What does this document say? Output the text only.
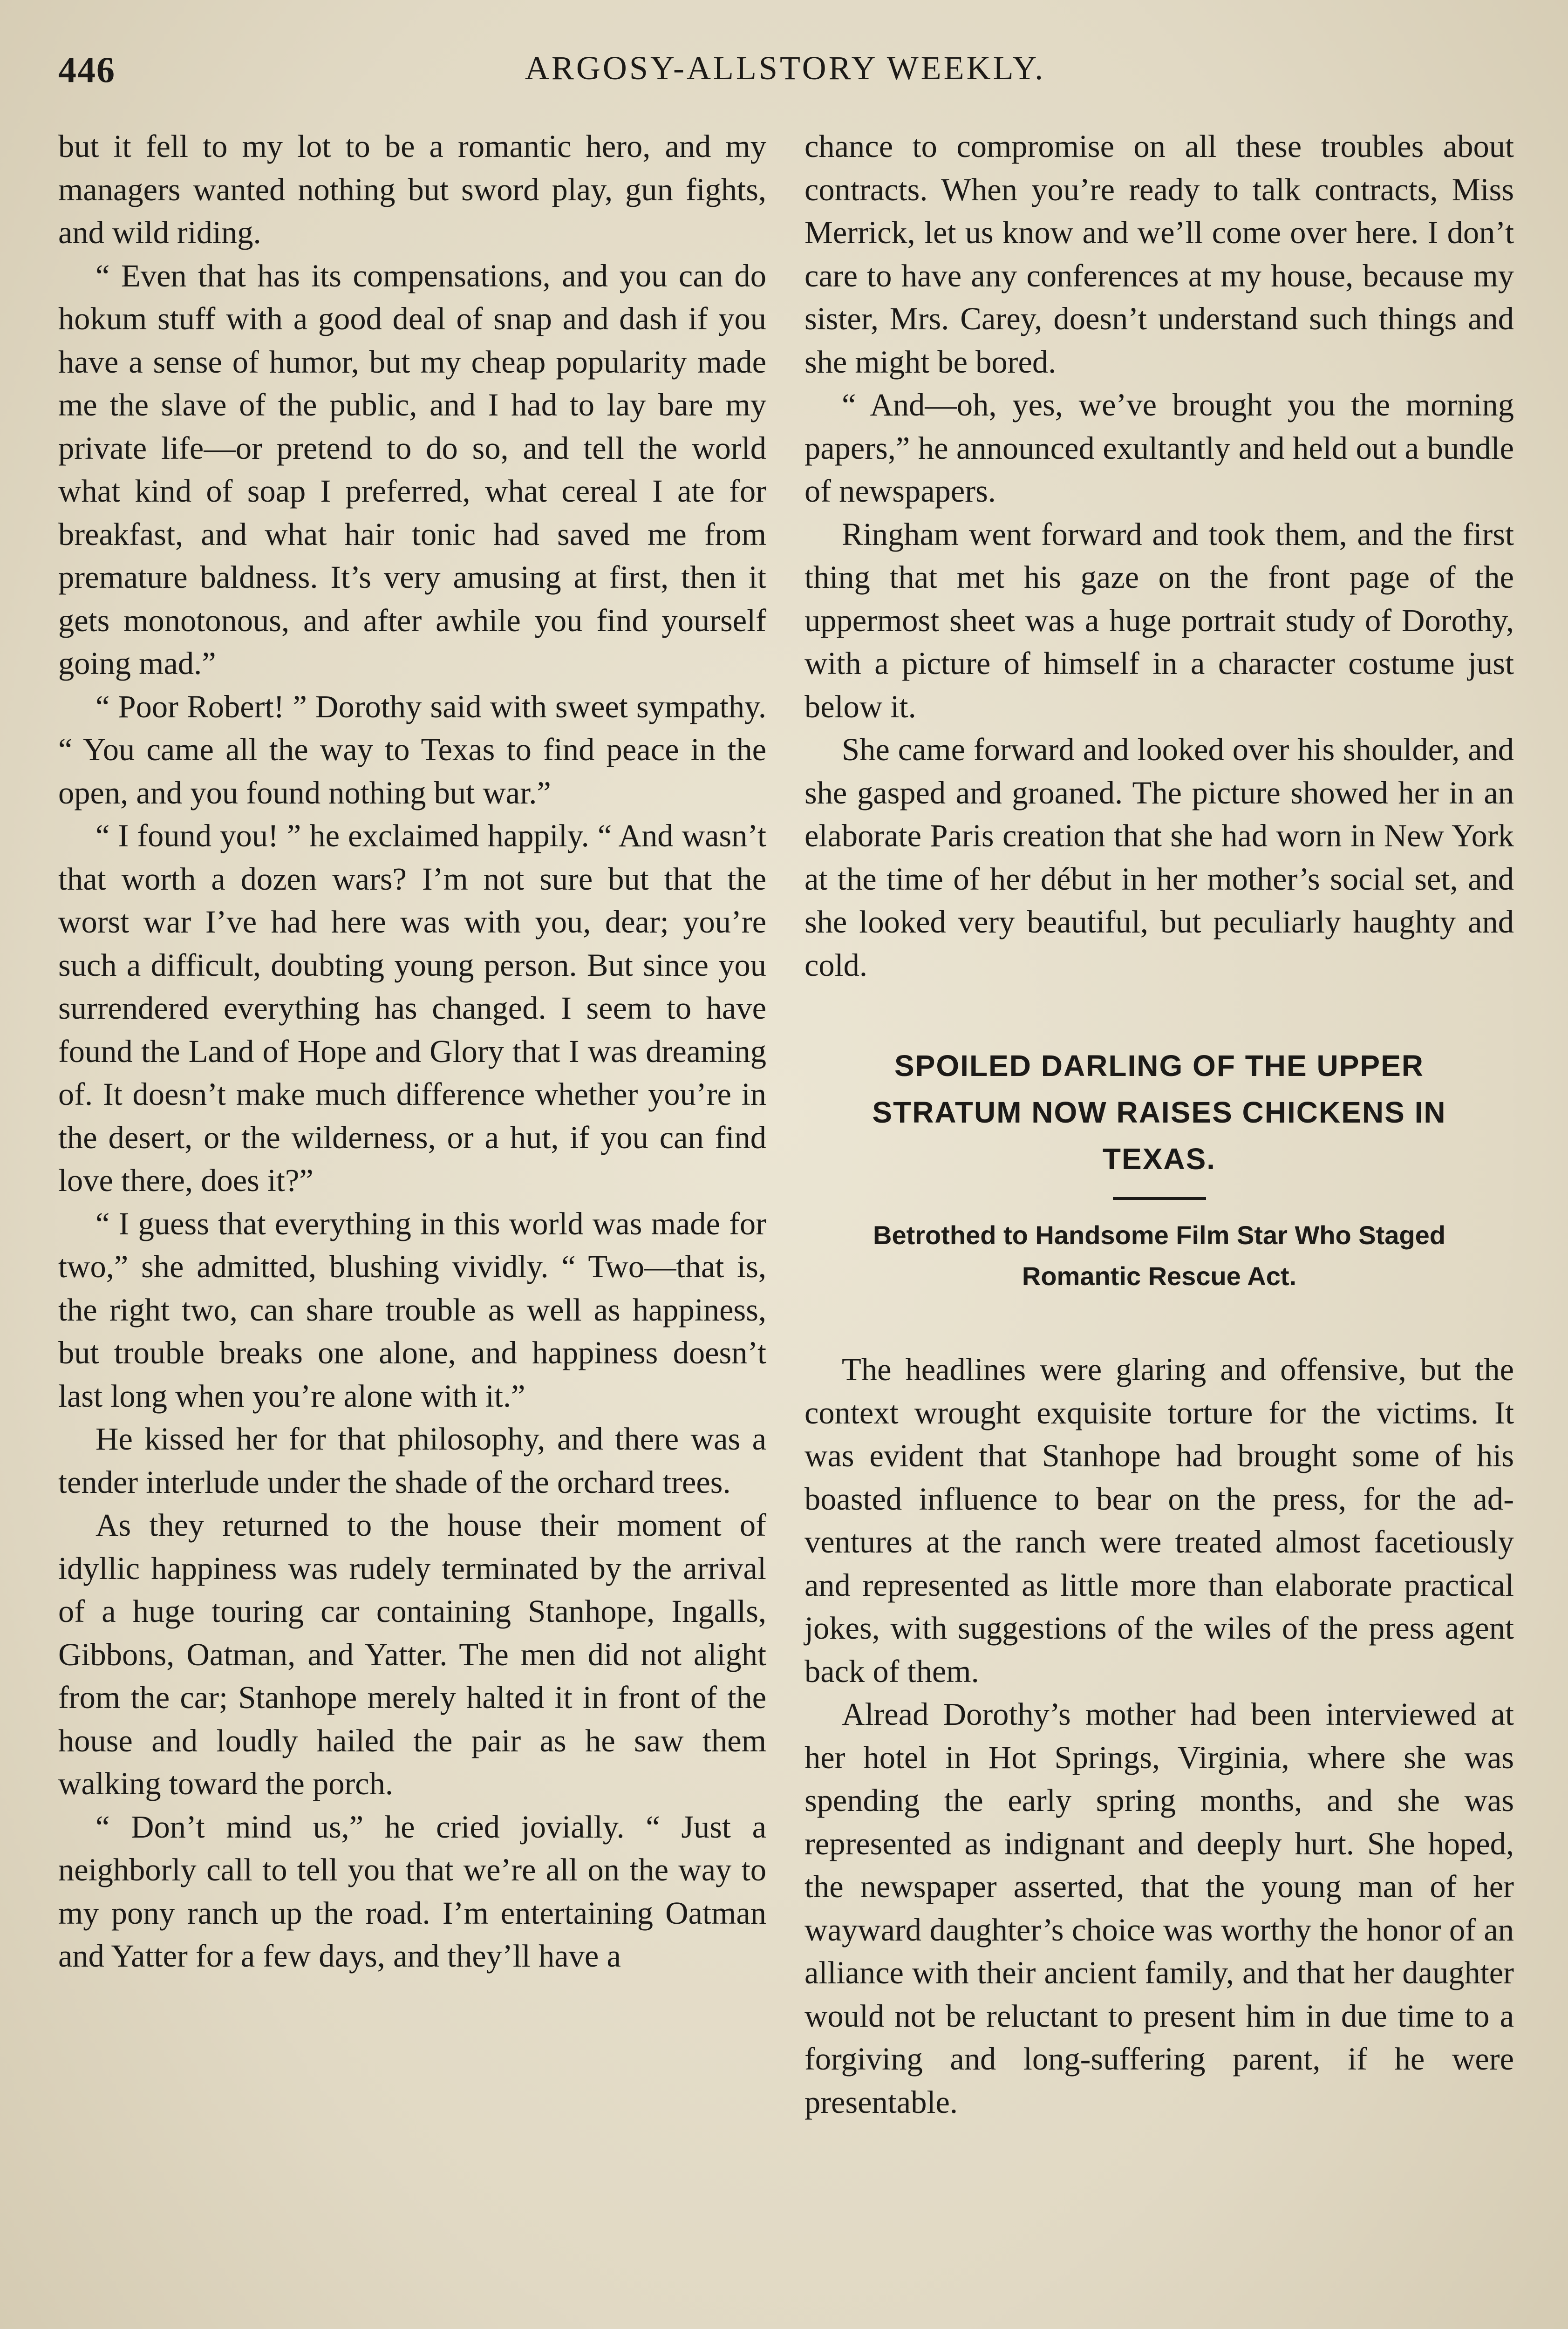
446	ARGOSY-ALLSTORY WEEKLY.

but it fell to my lot to be a romantic hero, and my managers wanted nothing but sword play, gun fights, and wild riding.

“ Even that has its compensations, and you can do hokum stuff with a good deal of snap and dash if you have a sense of humor, but my cheap popularity made me the slave of the public, and I had to lay bare my private life—or pretend to do so, and tell the world what kind of soap I preferred, what cereal I ate for breakfast, and what hair tonic had saved me from premature baldness. It’s very amusing at first, then it gets monotonous, and after awhile you find yourself going mad.”

“ Poor Robert! ” Dorothy said with sweet sympathy. “ You came all the way to Texas to find peace in the open, and you found nothing but war.”

“ I found you! ” he exclaimed happily. “ And wasn’t that worth a dozen wars? I’m not sure but that the worst war I’ve had here was with you, dear; you’re such a difficult, doubting young person. But since you surrendered everything has changed. I seem to have found the Land of Hope and Glory that I was dreaming of. It doesn’t make much difference whether you’re in the desert, or the wilderness, or a hut, if you can find love there, does it?”

“ I guess that everything in this world was made for two,” she admitted, blushing vividly. “ Two—that is, the right two, can share trouble as well as happiness, but trouble breaks one alone, and happiness doesn’t last long when you’re alone with it.”

He kissed her for that philosophy, and there was a tender interlude under the shade of the orchard trees.

As they returned to the house their moment of idyllic happiness was rudely terminated by the arrival of a huge touring car containing Stanhope, Ingalls, Gibbons, Oatman, and Yatter. The men did not alight from the car; Stanhope merely halted it in front of the house and loudly hailed the pair as he saw them walking toward the porch.

“ Don’t mind us,” he cried jovially. “ Just a neighborly call to tell you that we’re all on the way to my pony ranch up the road. I’m entertaining Oatman and Yatter for a few days, and they’ll have a

chance to compromise on all these troubles about contracts. When you’re ready to talk contracts, Miss Merrick, let us know and we’ll come over here. I don’t care to have any conferences at my house, because my sister, Mrs. Carey, doesn’t understand such things and she might be bored.

“ And—oh, yes, we’ve brought you the morning papers,” he announced exultantly and held out a bundle of newspapers.

Ringham went forward and took them, and the first thing that met his gaze on the front page of the uppermost sheet was a huge portrait study of Dorothy, with a picture of himself in a character costume just below it.

She came forward and looked over his shoulder, and she gasped and groaned. The picture showed her in an elaborate Paris creation that she had worn in New York at the time of her début in her mother’s social set, and she looked very beautiful, but peculiarly haughty and cold.

SPOILED DARLING OF THE UPPER STRATUM NOW RAISES CHICKENS IN TEXAS.
Betrothed to Handsome Film Star Who Staged Romantic Rescue Act.

The headlines were glaring and offensive, but the context wrought exquisite torture for the victims. It was evident that Stanhope had brought some of his boasted influence to bear on the press, for the adventures at the ranch were treated almost facetiously and represented as little more than elaborate practical jokes, with suggestions of the wiles of the press agent back of them.

Alread Dorothy’s mother had been interviewed at her hotel in Hot Springs, Virginia, where she was spending the early spring months, and she was represented as indignant and deeply hurt. She hoped, the newspaper asserted, that the young man of her wayward daughter’s choice was worthy the honor of an alliance with their ancient family, and that her daughter would not be reluctant to present him in due time to a forgiving and long-suffering parent, if he were presentable.
